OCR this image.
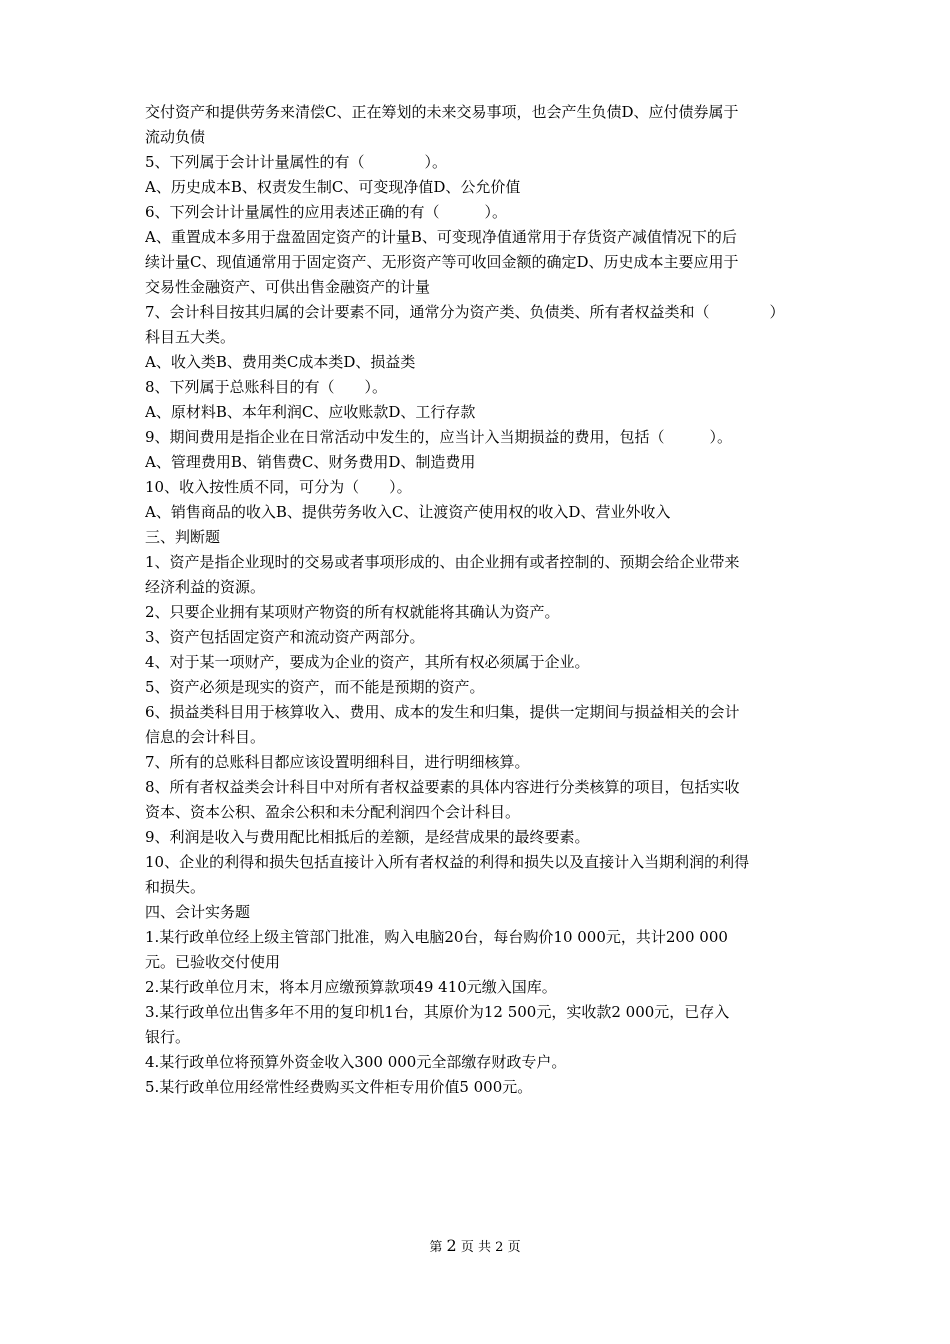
交付资产和提供劳务来清偿C、正在筹划的未来交易事项，也会产生负债D、应付债券属于
流动负债
5、下列属于会计计量属性的有（　　　　）。
A、历史成本B、权责发生制C、可变现净值D、公允价值
6、下列会计计量属性的应用表述正确的有（　　　）。
A、重置成本多用于盘盈固定资产的计量B、可变现净值通常用于存货资产减值情况下的后
续计量C、现值通常用于固定资产、无形资产等可收回金额的确定D、历史成本主要应用于
交易性金融资产、可供出售金融资产的计量
7、会计科目按其归属的会计要素不同，通常分为资产类、负债类、所有者权益类和（　　　　）
科目五大类。
A、收入类B、费用类C成本类D、损益类
8、下列属于总账科目的有（　　）。
A、原材料B、本年利润C、应收账款D、工行存款
9、期间费用是指企业在日常活动中发生的，应当计入当期损益的费用，包括（　　　）。
A、管理费用B、销售费C、财务费用D、制造费用
10、收入按性质不同，可分为（　　）。
A、销售商品的收入B、提供劳务收入C、让渡资产使用权的收入D、营业外收入
三、判断题
1、资产是指企业现时的交易或者事项形成的、由企业拥有或者控制的、预期会给企业带来
经济利益的资源。
2、只要企业拥有某项财产物资的所有权就能将其确认为资产。
3、资产包括固定资产和流动资产两部分。
4、对于某一项财产，要成为企业的资产，其所有权必须属于企业。
5、资产必须是现实的资产，而不能是预期的资产。
6、损益类科目用于核算收入、费用、成本的发生和归集，提供一定期间与损益相关的会计
信息的会计科目。
7、所有的总账科目都应该设置明细科目，进行明细核算。
8、所有者权益类会计科目中对所有者权益要素的具体内容进行分类核算的项目，包括实收
资本、资本公积、盈余公积和未分配利润四个会计科目。
9、利润是收入与费用配比相抵后的差额，是经营成果的最终要素。
10、企业的利得和损失包括直接计入所有者权益的利得和损失以及直接计入当期利润的利得
和损失。
四、会计实务题
1.某行政单位经上级主管部门批准，购入电脑20台，每台购价10 000元，共计200 000
元。已验收交付使用
2.某行政单位月末，将本月应缴预算款项49 410元缴入国库。
3.某行政单位出售多年不用的复印机1台，其原价为12 500元，实收款2 000元，已存入
银行。
4.某行政单位将预算外资金收入300 000元全部缴存财政专户。
5.某行政单位用经常性经费购买文件柜专用价值5 000元。
第 2 页 共 2 页
